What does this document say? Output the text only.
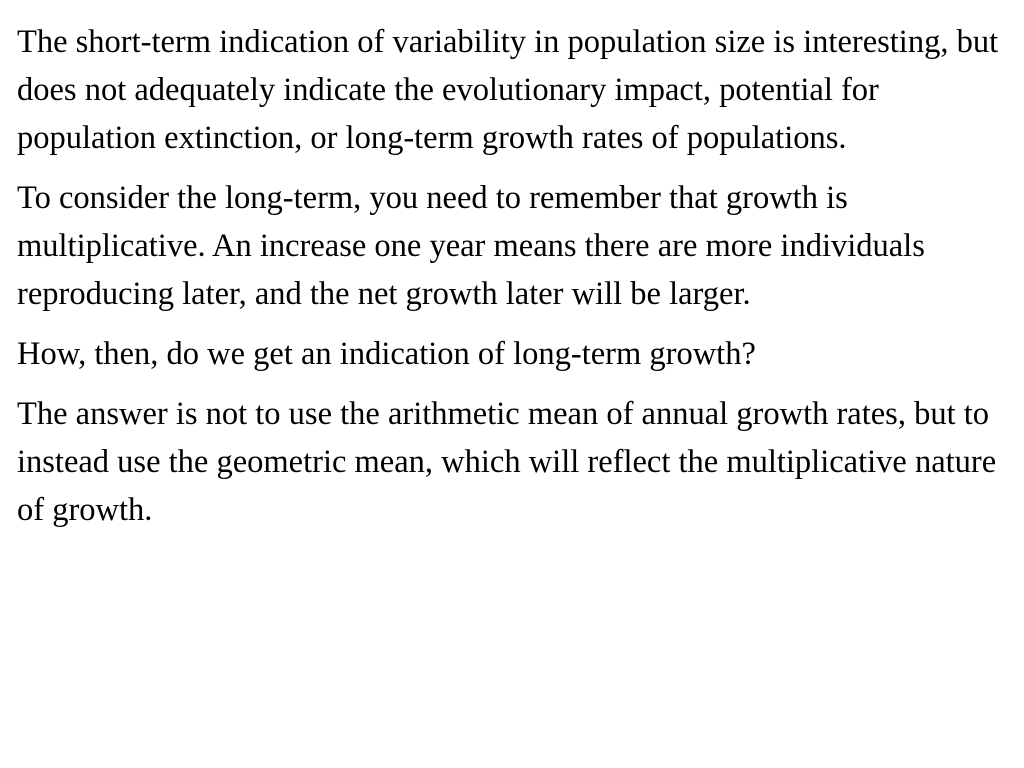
The short-term indication of variability in population size is interesting, but does not adequately indicate the evolutionary impact, potential for population extinction, or long-term growth rates of populations.

To consider the long-term, you need to remember that growth is multiplicative. An increase one year means there are more individuals reproducing later, and the net growth later will be larger.

How, then, do we get an indication of long-term growth?

The answer is not to use the arithmetic mean of annual growth rates, but to instead use the geometric mean, which will reflect the multiplicative nature of growth.
